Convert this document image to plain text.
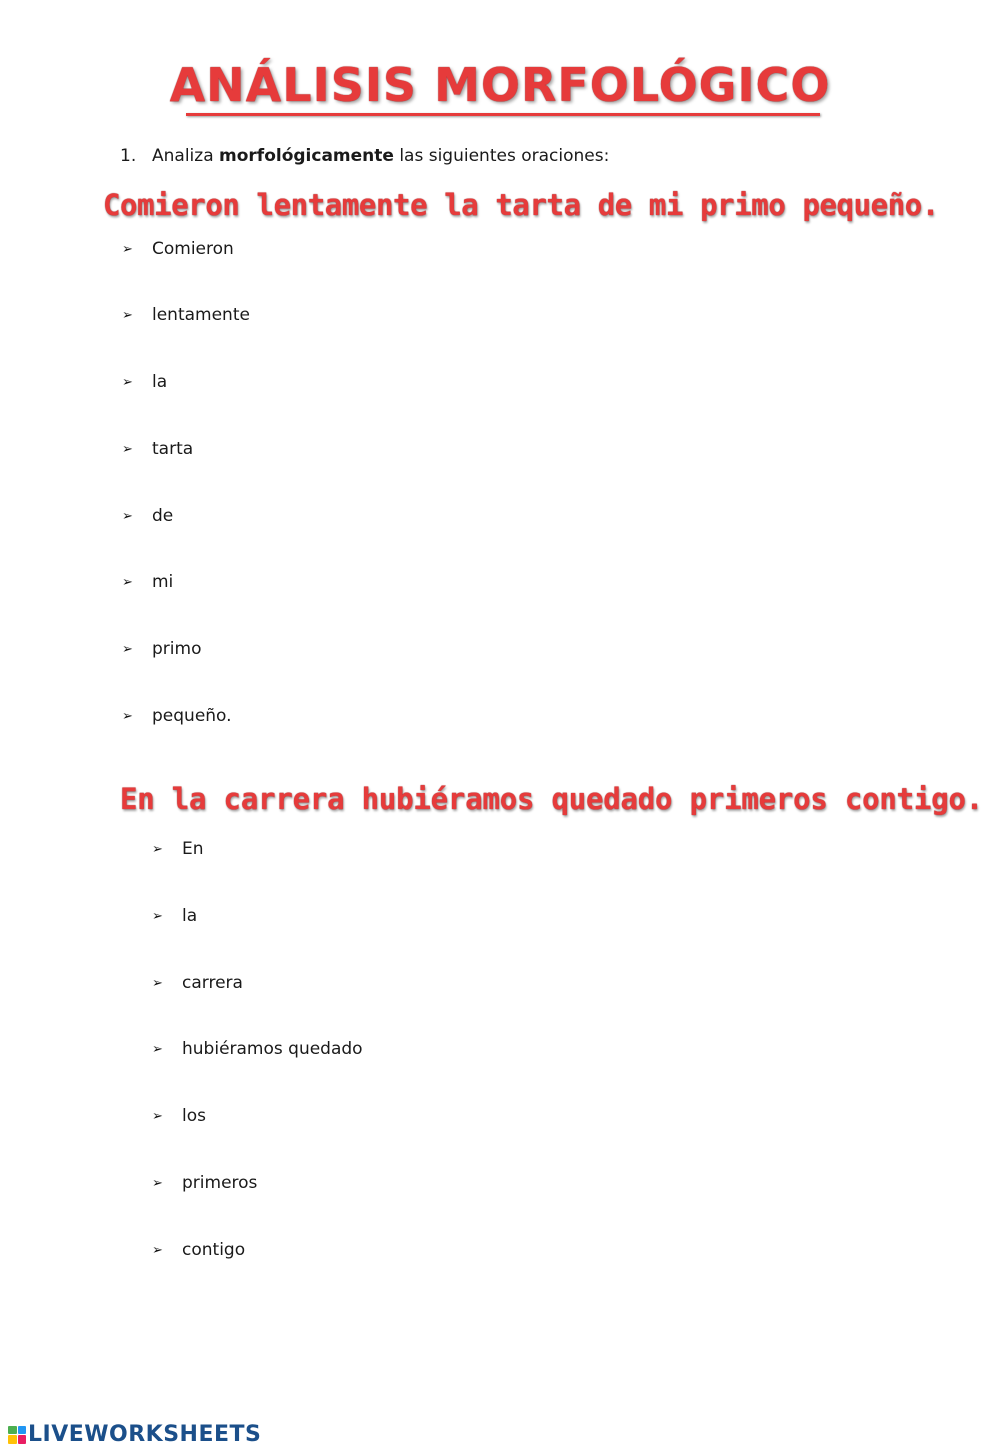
ANÁLISIS MORFOLÓGICO
1. Analiza morfológicamente las siguientes oraciones:
Comieron lentamente la tarta de mi primo pequeño.
➢	Comieron
➢	lentamente
➢	la
➢	tarta
➢	de
➢	mi
➢	primo
➢	pequeño.
En la carrera hubiéramos quedado primeros contigo.
➢	En
➢	la
➢	carrera
➢	hubiéramos quedado
➢	los
➢	primeros
➢	contigo
LIVEWORKSHEETS
